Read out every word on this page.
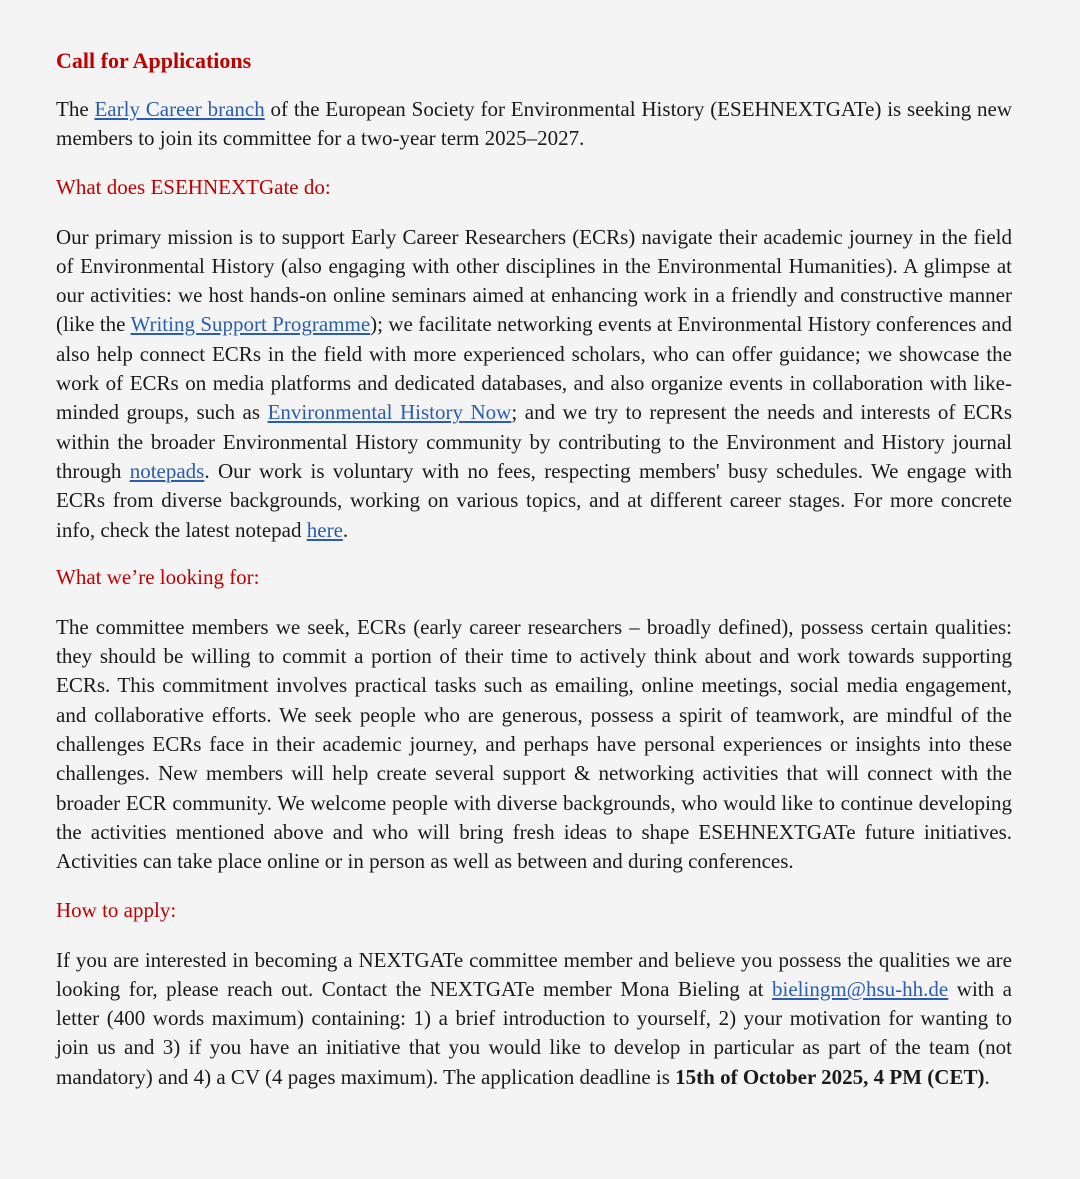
Call for Applications

The Early Career branch of the European Society for Environmental History (ESEHNEXTGATe) is seeking new members to join its committee for a two-year term 2025–2027.

What does ESEHNEXTGate do:

Our primary mission is to support Early Career Researchers (ECRs) navigate their academic journey in the field of Environmental History (also engaging with other disciplines in the Environmental Humanities). A glimpse at our activities: we host hands-on online seminars aimed at enhancing work in a friendly and constructive manner (like the Writing Support Programme); we facilitate networking events at Environmental History conferences and also help connect ECRs in the field with more experienced scholars, who can offer guidance; we showcase the work of ECRs on media platforms and dedicated databases, and also organize events in collaboration with like-minded groups, such as Environmental History Now; and we try to represent the needs and interests of ECRs within the broader Environmental History community by contributing to the Environment and History journal through notepads. Our work is voluntary with no fees, respecting members' busy schedules. We engage with ECRs from diverse backgrounds, working on various topics, and at different career stages. For more concrete info, check the latest notepad here.

What we’re looking for:

The committee members we seek, ECRs (early career researchers – broadly defined), possess certain qualities: they should be willing to commit a portion of their time to actively think about and work towards supporting ECRs. This commitment involves practical tasks such as emailing, online meetings, social media engagement, and collaborative efforts. We seek people who are generous, possess a spirit of teamwork, are mindful of the challenges ECRs face in their academic journey, and perhaps have personal experiences or insights into these challenges. New members will help create several support & networking activities that will connect with the broader ECR community. We welcome people with diverse backgrounds, who would like to continue developing the activities mentioned above and who will bring fresh ideas to shape ESEHNEXTGATe future initiatives. Activities can take place online or in person as well as between and during conferences.

How to apply:

If you are interested in becoming a NEXTGATe committee member and believe you possess the qualities we are looking for, please reach out. Contact the NEXTGATe member Mona Bieling at bielingm@hsu-hh.de with a letter (400 words maximum) containing: 1) a brief introduction to yourself, 2) your motivation for wanting to join us and 3) if you have an initiative that you would like to develop in particular as part of the team (not mandatory) and 4) a CV (4 pages maximum). The application deadline is 15th of October 2025, 4 PM (CET).
